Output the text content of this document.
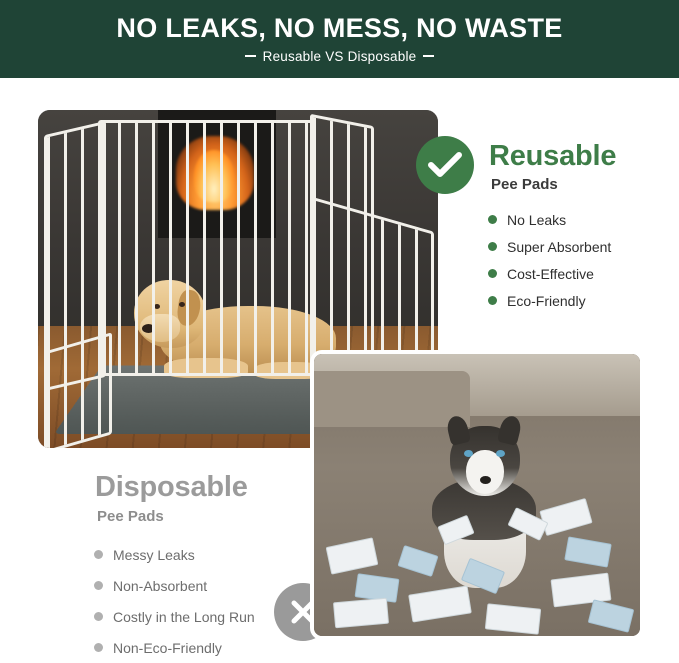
NO LEAKS, NO MESS, NO WASTE
Reusable VS Disposable
Reusable
Pee Pads
No Leaks
Super Absorbent
Cost-Effective
Eco-Friendly
Disposable
Pee Pads
Messy Leaks
Non-Absorbent
Costly in the Long Run
Non-Eco-Friendly
